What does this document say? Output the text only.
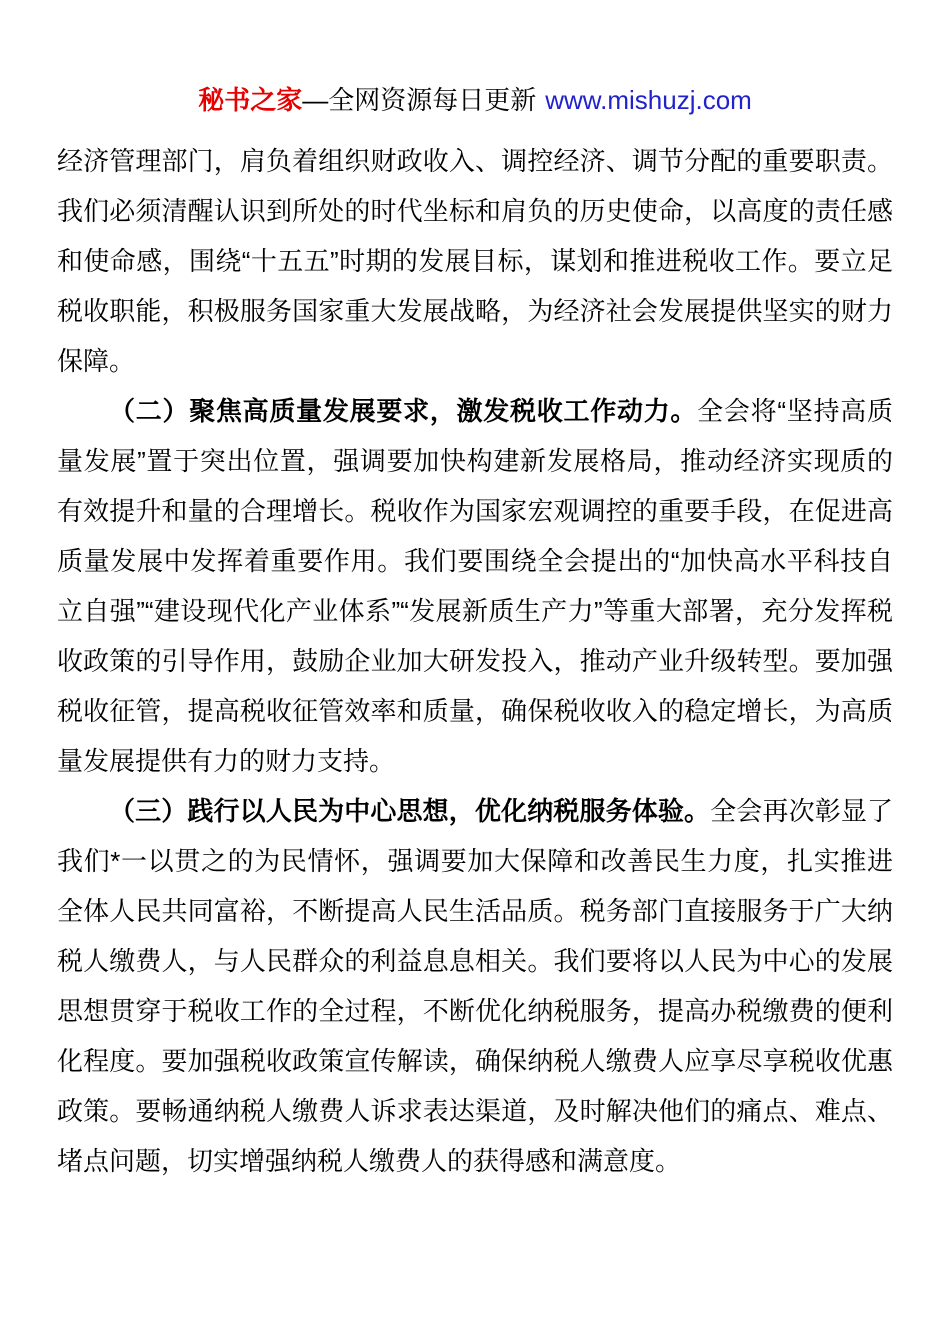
秘书之家—全网资源每日更新 www.mishuzj.com

经济管理部门，肩负着组织财政收入、调控经济、调节分配的重要职责。我们必须清醒认识到所处的时代坐标和肩负的历史使命，以高度的责任感和使命感，围绕“十五五”时期的发展目标，谋划和推进税收工作。要立足税收职能，积极服务国家重大发展战略，为经济社会发展提供坚实的财力保障。

（二）聚焦高质量发展要求，激发税收工作动力。全会将“坚持高质量发展”置于突出位置，强调要加快构建新发展格局，推动经济实现质的有效提升和量的合理增长。税收作为国家宏观调控的重要手段，在促进高质量发展中发挥着重要作用。我们要围绕全会提出的“加快高水平科技自立自强”“建设现代化产业体系”“发展新质生产力”等重大部署，充分发挥税收政策的引导作用，鼓励企业加大研发投入，推动产业升级转型。要加强税收征管，提高税收征管效率和质量，确保税收收入的稳定增长，为高质量发展提供有力的财力支持。

（三）践行以人民为中心思想，优化纳税服务体验。全会再次彰显了我们*一以贯之的为民情怀，强调要加大保障和改善民生力度，扎实推进全体人民共同富裕，不断提高人民生活品质。税务部门直接服务于广大纳税人缴费人，与人民群众的利益息息相关。我们要将以人民为中心的发展思想贯穿于税收工作的全过程，不断优化纳税服务，提高办税缴费的便利化程度。要加强税收政策宣传解读，确保纳税人缴费人应享尽享税收优惠政策。要畅通纳税人缴费人诉求表达渠道，及时解决他们的痛点、难点、堵点问题，切实增强纳税人缴费人的获得感和满意度。
